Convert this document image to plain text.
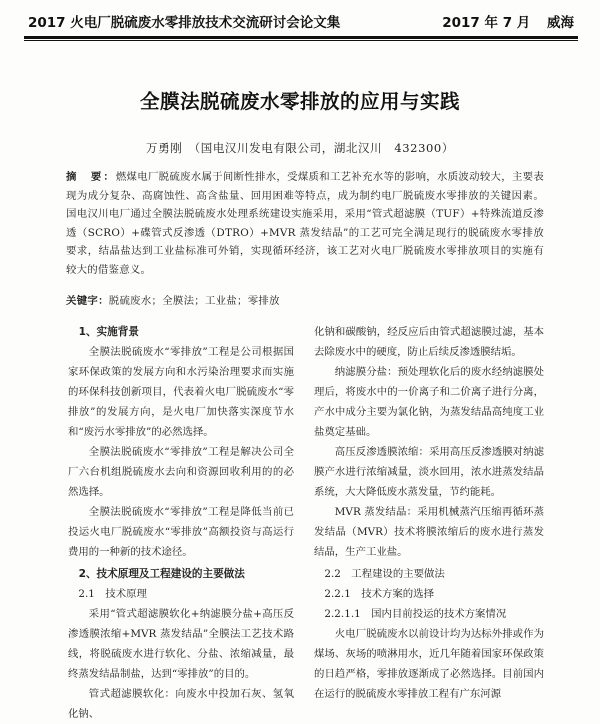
2017 火电厂脱硫废水零排放技术交流研讨会论文集	2017 年 7 月 威海
全膜法脱硫废水零排放的应用与实践
万勇刚 （国电汉川发电有限公司，湖北汉川　432300）
摘　要：燃煤电厂脱硫废水属于间断性排水，受煤质和工艺补充水等的影响，水质波动较大，主要表现为成分复杂、高腐蚀性、高含盐量、回用困难等特点，成为制约电厂脱硫废水零排放的关键因素。国电汉川电厂通过全膜法脱硫废水处理系统建设实施采用，采用“管式超滤膜（TUF）+特殊流道反渗透（SCRO）+碟管式反渗透（DTRO）+MVR 蒸发结晶”的工艺可完全满足现行的脱硫废水零排放要求，结晶盐达到工业盐标准可外销，实现循环经济，该工艺对火电厂脱硫废水零排放项目的实施有较大的借鉴意义。
关键字：脱硫废水；全膜法；工业盐；零排放
1、实施背景

全膜法脱硫废水“零排放”工程是公司根据国家环保政策的发展方向和水污染治理要求而实施的环保科技创新项目，代表着火电厂脱硫废水“零排放”的发展方向，是火电厂加快落实深度节水和“废污水零排放”的必然选择。

全膜法脱硫废水“零排放”工程是解决公司全厂六台机组脱硫废水去向和资源回收利用的的必然选择。

全膜法脱硫废水“零排放”工程是降低当前已投运火电厂脱硫废水“零排放”高额投资与高运行费用的一种新的技术途径。

2、技术原理及工程建设的主要做法
2.1　技术原理

采用“管式超滤膜软化+纳滤膜分盐+高压反渗透膜浓缩+MVR 蒸发结晶”全膜法工艺技术路线，将脱硫废水进行软化、分盐、浓缩减量，最终蒸发结晶制盐，达到“零排放”的目的。

管式超滤膜软化：向废水中投加石灰、氢氧化钠、

化钠和碳酸钠，经反应后由管式超滤膜过滤，基本去除废水中的硬度，防止后续反渗透膜结垢。

纳滤膜分盐：预处理软化后的废水经纳滤膜处理后，将废水中的一价离子和二价离子进行分离，产水中成分主要为氯化钠，为蒸发结晶高纯度工业盐奠定基础。

高压反渗透膜浓缩：采用高压反渗透膜对纳滤膜产水进行浓缩减量，淡水回用，浓水进蒸发结晶系统，大大降低废水蒸发量，节约能耗。

MVR 蒸发结晶：采用机械蒸汽压缩再循环蒸发结晶（MVR）技术将膜浓缩后的废水进行蒸发结晶，生产工业盐。

2.2　工程建设的主要做法
2.2.1　技术方案的选择
2.2.1.1　国内目前投运的技术方案情况

火电厂脱硫废水以前设计均为达标外排或作为煤场、灰场的喷淋用水，近几年随着国家环保政策的日趋严格，零排放逐渐成了必然选择。目前国内在运行的脱硫废水零排放工程有广东河源
